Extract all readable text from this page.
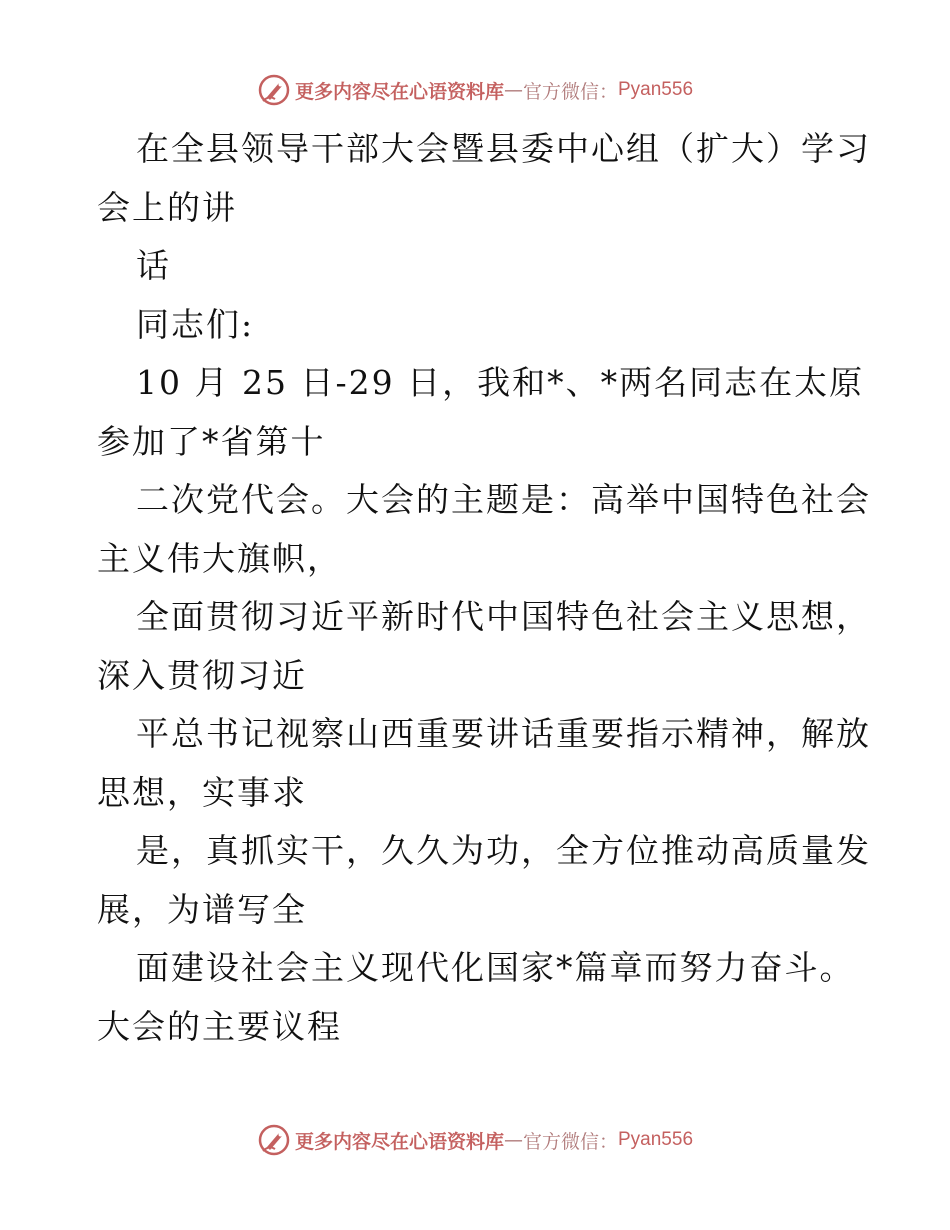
更多内容尽在心语资料库 — 官方微信： Pyan556
在全县领导干部大会暨县委中心组（扩大）学习
会上的讲
话
同志们:
10 月 25 日-29 日，我和*、*两名同志在太原
参加了*省第十
二次党代会。大会的主题是：高举中国特色社会
主义伟大旗帜，
全面贯彻习近平新时代中国特色社会主义思想，
深入贯彻习近
平总书记视察山西重要讲话重要指示精神，解放
思想，实事求
是，真抓实干，久久为功，全方位推动高质量发
展，为谱写全
面建设社会主义现代化国家*篇章而努力奋斗。
大会的主要议程
更多内容尽在心语资料库 — 官方微信： Pyan556
